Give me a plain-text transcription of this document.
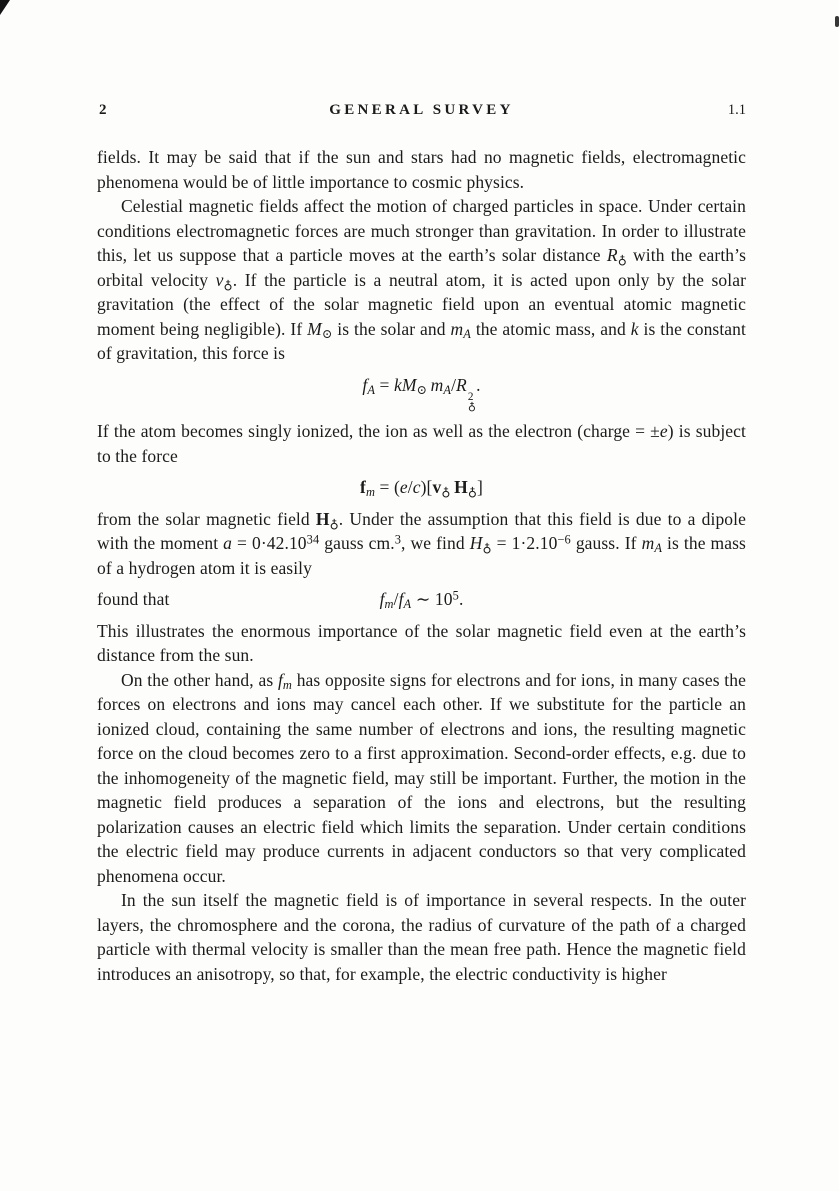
2	GENERAL SURVEY	1.1
fields. It may be said that if the sun and stars had no magnetic fields, electromagnetic phenomena would be of little importance to cosmic physics.
Celestial magnetic fields affect the motion of charged particles in space. Under certain conditions electromagnetic forces are much stronger than gravitation. In order to illustrate this, let us suppose that a particle moves at the earth’s solar distance $R_♁$ with the earth’s orbital velocity $v_♁$. If the particle is a neutral atom, it is acted upon only by the solar gravitation (the effect of the solar magnetic field upon an eventual atomic magnetic moment being negligible). If $M_⊙$ is the solar and $m_A$ the atomic mass, and k is the constant of gravitation, this force is
$f_A = kM_⊙$  $m_A/R$
2
♁
.
If the atom becomes singly ionized, the ion as well as the electron (charge = ±e) is subject to the force
$f_m = (e/c)[v_♁$  $H_♁$]
from the solar magnetic field $H_♁$. Under the assumption that this field is due to a dipole with the moment $a = 0\cdot 42.10^{34}$ gauss cm.$^3$, we find $H_♁ = 1\cdot 2.10^{-6}$ gauss. If $m_A$ is the mass of a hydrogen atom it is easily
found that	$f_m/f_A$ ∼ $10^5$.
This illustrates the enormous importance of the solar magnetic field even at the earth’s distance from the sun.
On the other hand, as $f_m$ has opposite signs for electrons and for ions, in many cases the forces on electrons and ions may cancel each other. If we substitute for the particle an ionized cloud, containing the same number of electrons and ions, the resulting magnetic force on the cloud becomes zero to a first approximation. Second-order effects, e.g. due to the inhomogeneity of the magnetic field, may still be important. Further, the motion in the magnetic field produces a separation of the ions and electrons, but the resulting polarization causes an electric field which limits the separation. Under certain conditions the electric field may produce currents in adjacent conductors so that very complicated phenomena occur.
In the sun itself the magnetic field is of importance in several respects. In the outer layers, the chromosphere and the corona, the radius of curvature of the path of a charged particle with thermal velocity is smaller than the mean free path. Hence the magnetic field introduces an anisotropy, so that, for example, the electric conductivity is higher
